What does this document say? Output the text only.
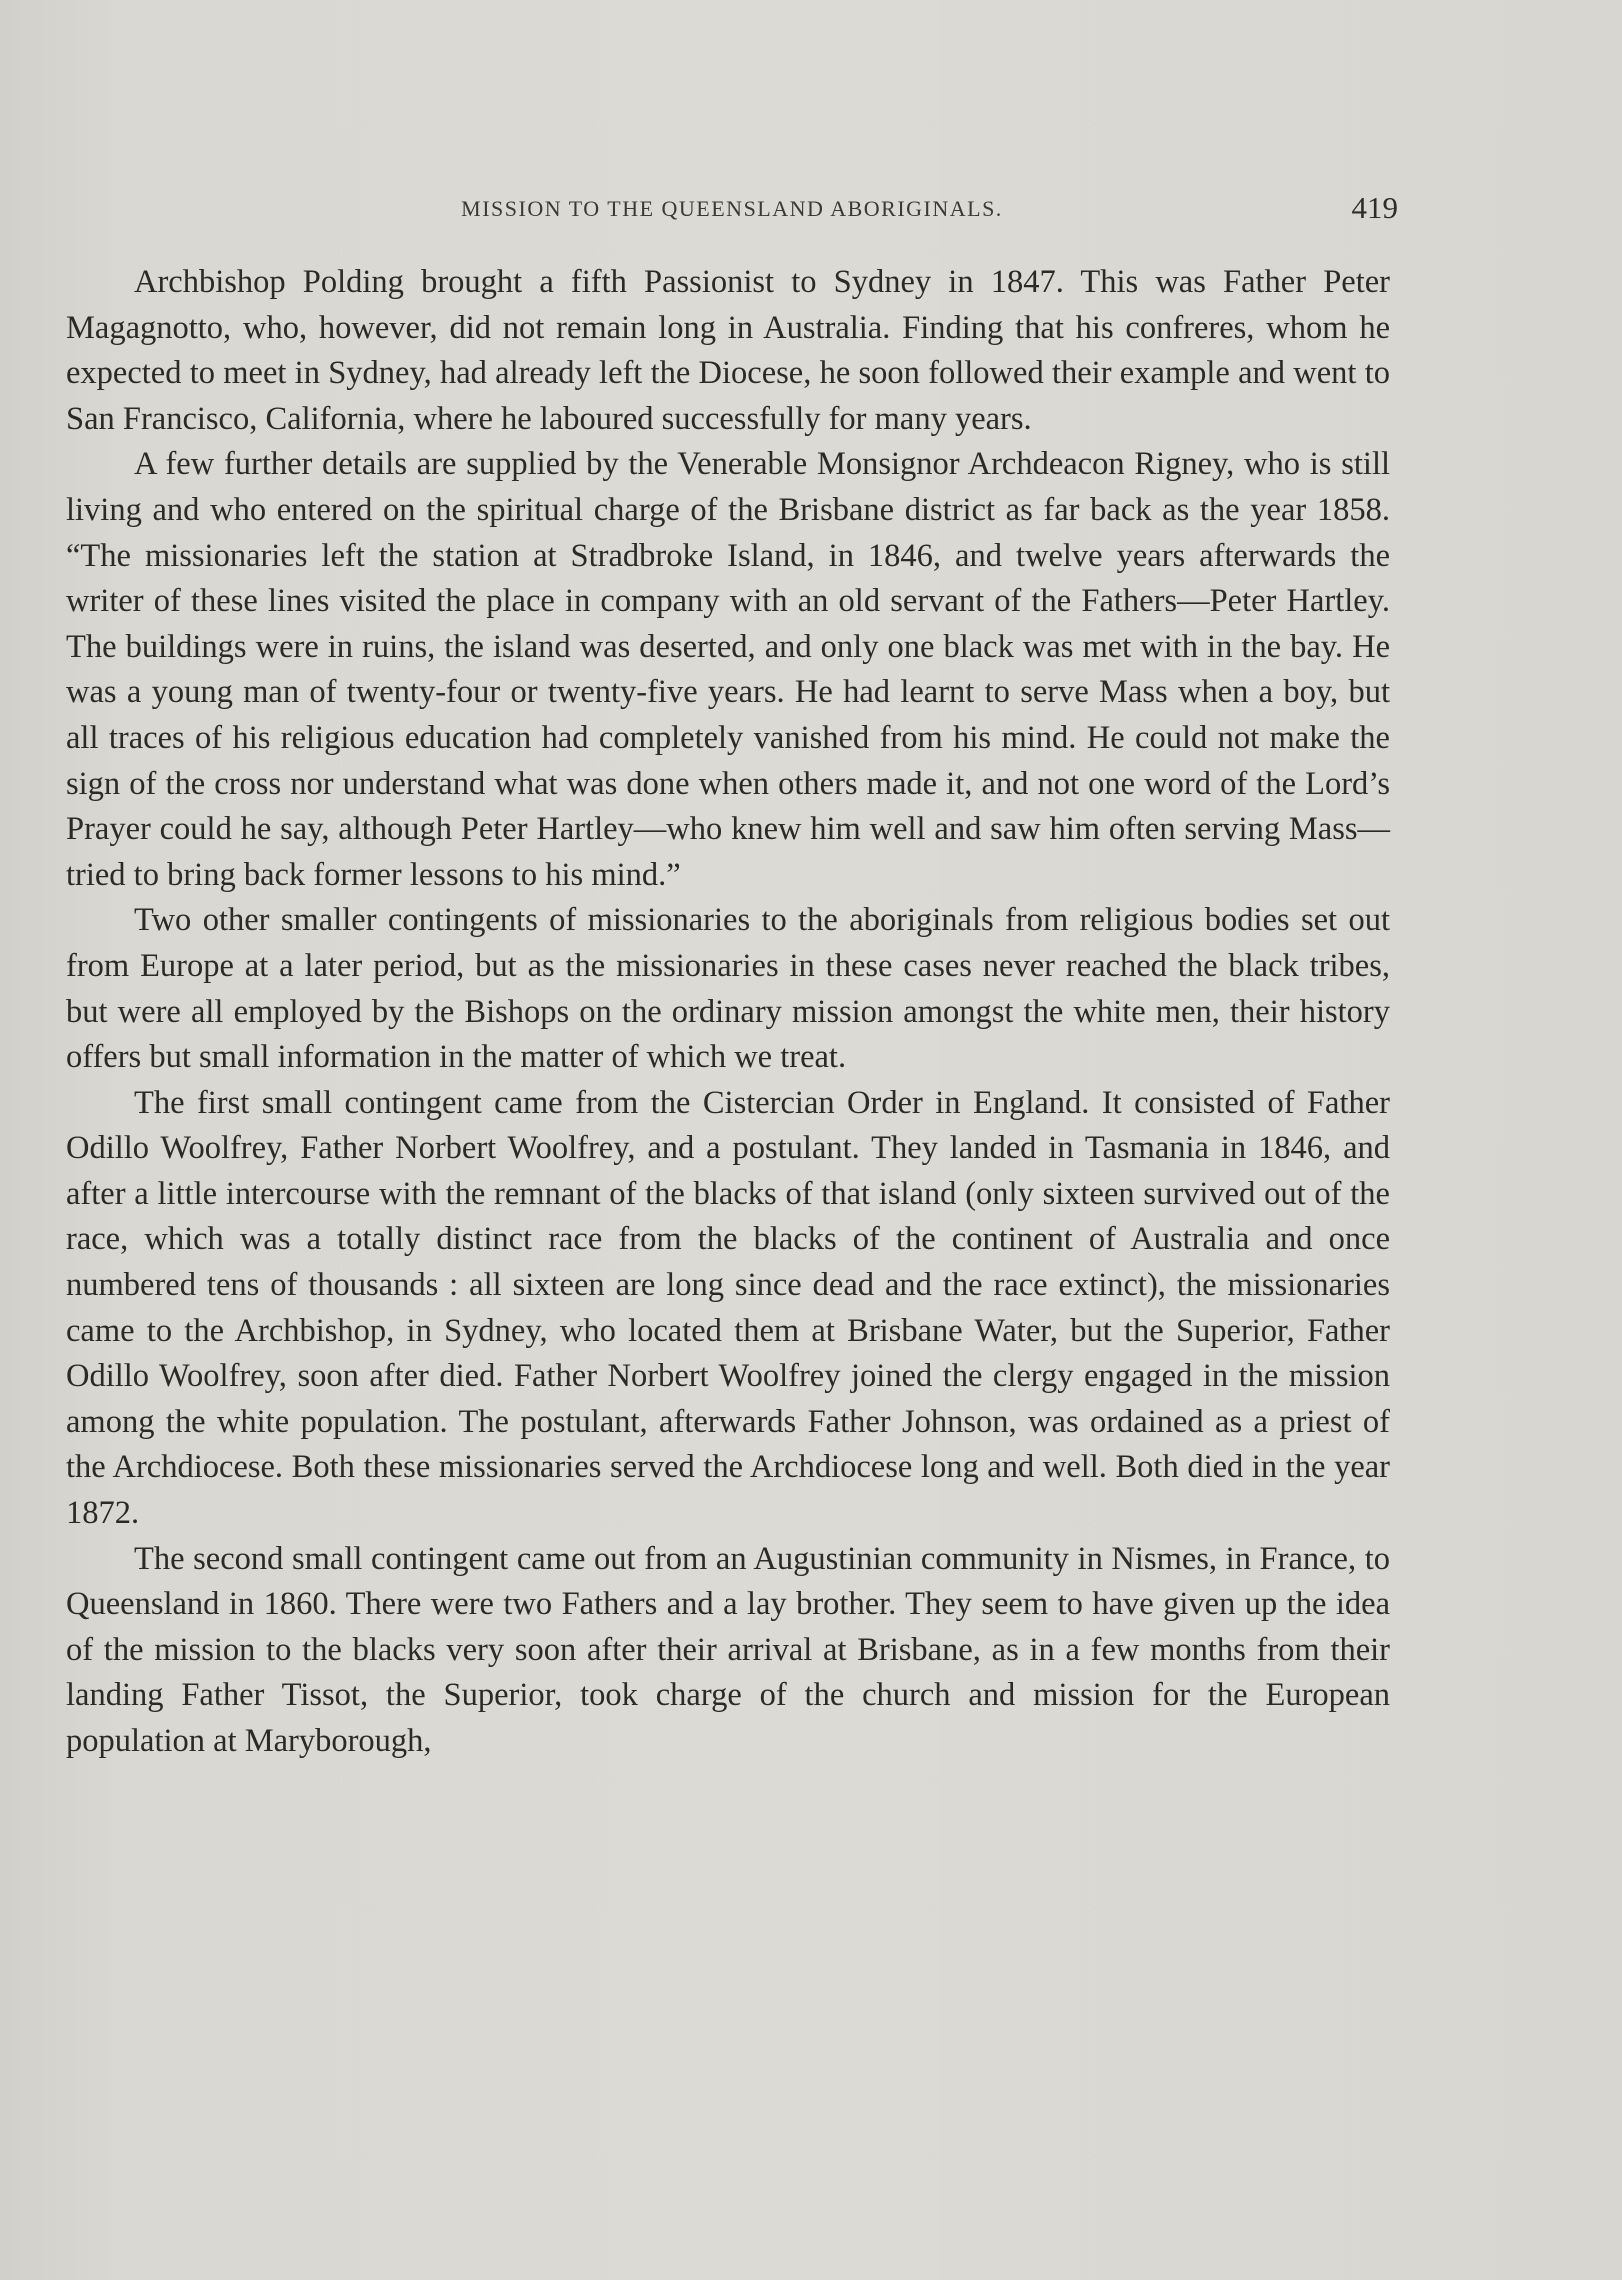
MISSION TO THE QUEENSLAND ABORIGINALS.	419

Archbishop Polding brought a fifth Passionist to Sydney in 1847. This was Father Peter Magagnotto, who, however, did not remain long in Australia. Finding that his confreres, whom he expected to meet in Sydney, had already left the Diocese, he soon followed their example and went to San Francisco, California, where he laboured successfully for many years.

A few further details are supplied by the Venerable Monsignor Archdeacon Rigney, who is still living and who entered on the spiritual charge of the Brisbane district as far back as the year 1858. “The missionaries left the station at Stradbroke Island, in 1846, and twelve years afterwards the writer of these lines visited the place in company with an old servant of the Fathers—Peter Hartley. The buildings were in ruins, the island was deserted, and only one black was met with in the bay. He was a young man of twenty-four or twenty-five years. He had learnt to serve Mass when a boy, but all traces of his religious education had completely vanished from his mind. He could not make the sign of the cross nor understand what was done when others made it, and not one word of the Lord’s Prayer could he say, although Peter Hartley—who knew him well and saw him often serving Mass—tried to bring back former lessons to his mind.”

Two other smaller contingents of missionaries to the aboriginals from religious bodies set out from Europe at a later period, but as the missionaries in these cases never reached the black tribes, but were all employed by the Bishops on the ordinary mission amongst the white men, their history offers but small information in the matter of which we treat.

The first small contingent came from the Cistercian Order in England. It consisted of Father Odillo Woolfrey, Father Norbert Woolfrey, and a postulant. They landed in Tasmania in 1846, and after a little intercourse with the remnant of the blacks of that island (only sixteen survived out of the race, which was a totally distinct race from the blacks of the continent of Australia and once numbered tens of thousands : all sixteen are long since dead and the race extinct), the missionaries came to the Archbishop, in Sydney, who located them at Brisbane Water, but the Superior, Father Odillo Woolfrey, soon after died. Father Norbert Woolfrey joined the clergy engaged in the mission among the white population. The postulant, afterwards Father Johnson, was ordained as a priest of the Archdiocese. Both these missionaries served the Archdiocese long and well. Both died in the year 1872.

The second small contingent came out from an Augustinian community in Nismes, in France, to Queensland in 1860. There were two Fathers and a lay brother. They seem to have given up the idea of the mission to the blacks very soon after their arrival at Brisbane, as in a few months from their landing Father Tissot, the Superior, took charge of the church and mission for the European population at Maryborough,
